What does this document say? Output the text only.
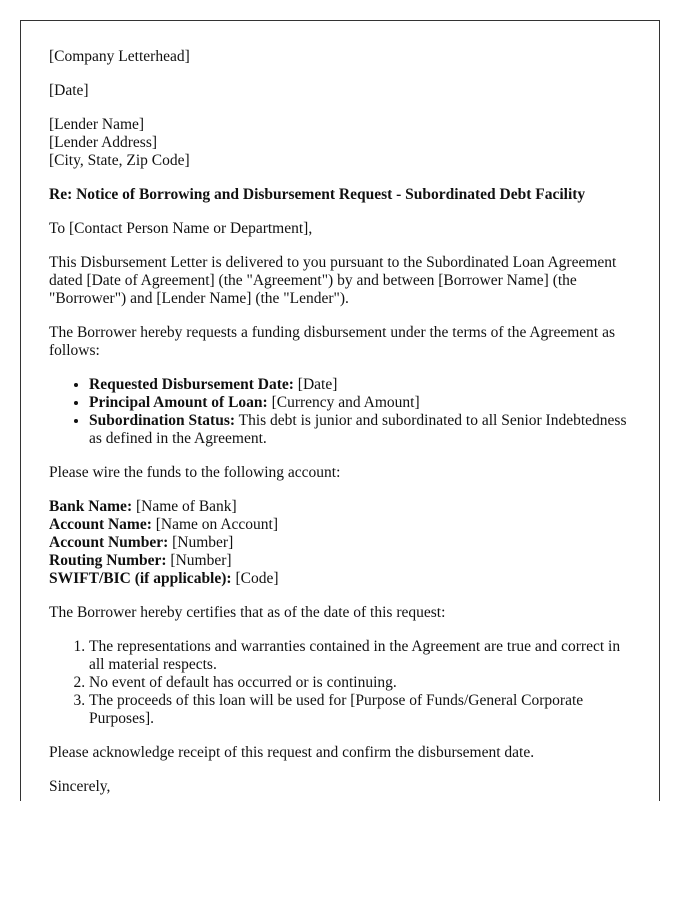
[Company Letterhead]

[Date]

[Lender Name]
[Lender Address]
[City, State, Zip Code]

Re: Notice of Borrowing and Disbursement Request - Subordinated Debt Facility

To [Contact Person Name or Department],

This Disbursement Letter is delivered to you pursuant to the Subordinated Loan Agreement dated [Date of Agreement] (the "Agreement") by and between [Borrower Name] (the "Borrower") and [Lender Name] (the "Lender").

The Borrower hereby requests a funding disbursement under the terms of the Agreement as follows:

• Requested Disbursement Date: [Date]
• Principal Amount of Loan: [Currency and Amount]
• Subordination Status: This debt is junior and subordinated to all Senior Indebtedness as defined in the Agreement.

Please wire the funds to the following account:

Bank Name: [Name of Bank]
Account Name: [Name on Account]
Account Number: [Number]
Routing Number: [Number]
SWIFT/BIC (if applicable): [Code]

The Borrower hereby certifies that as of the date of this request:

1. The representations and warranties contained in the Agreement are true and correct in all material respects.
2. No event of default has occurred or is continuing.
3. The proceeds of this loan will be used for [Purpose of Funds/General Corporate Purposes].

Please acknowledge receipt of this request and confirm the disbursement date.

Sincerely,
